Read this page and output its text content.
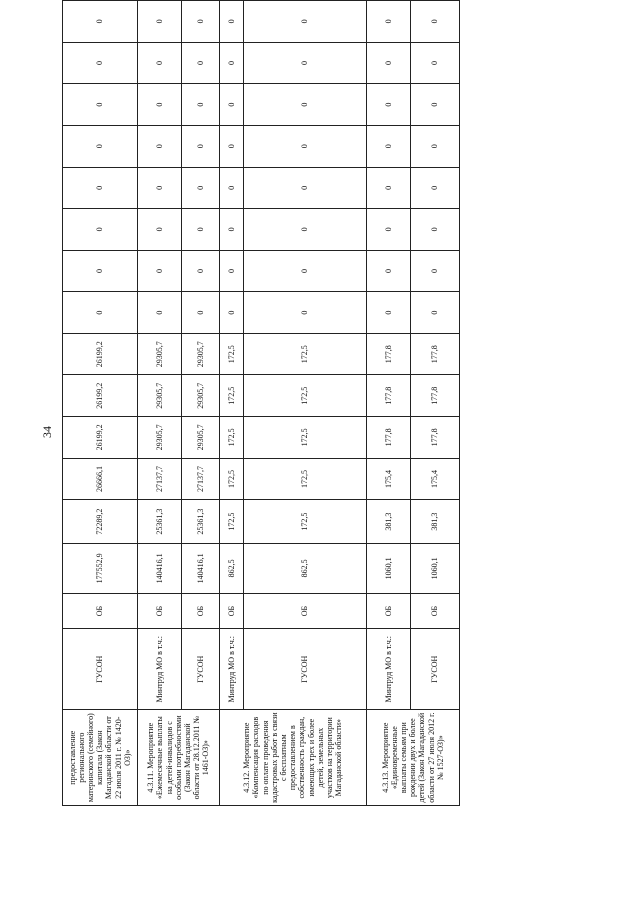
34
предоставление регионального материнского (семейного) капитала (Закон Магаданской области от 22 июля 2011 г. № 1420-ОЗ)»	ГУСОН	ОБ	177552,9	72289,2	26666,1	26199,2	26199,2	26199,2	0	0	0	0	0	0	0	0
4.3.11. Мероприятие «Ежемесячные выплаты на детей-инвалидов с особыми потребностями (Закон Магаданской области от 28.12.2011 № 1461-ОЗ)»	Минтруд МО в т.ч.:	ОБ	140416,1	25361,3	27137,7	29305,7	29305,7	29305,7	0	0	0	0	0	0	0	0
	ГУСОН	ОБ	140416,1	25361,3	27137,7	29305,7	29305,7	29305,7	0	0	0	0	0	0	0	0
4.3.12. Мероприятие «Компенсация расходов по оплате проведения кадастровых работ в связи с бесплатным предоставлением в собственность граждан, имеющих трех и более детей, земельных участков на территории Магаданской области»	Минтруд МО в т.ч.:	ОБ	862,5	172,5	172,5	172,5	172,5	172,5	0	0	0	0	0	0	0	0
	ГУСОН	ОБ	862,5	172,5	172,5	172,5	172,5	172,5	0	0	0	0	0	0	0	0
4.3.13. Мероприятие «Единовременные выплаты семьям при рождении двух и более детей (Закон Магаданской области от 27 июля 2012 г. № 1527-ОЗ)»	Минтруд МО в т.ч.:	ОБ	1060,1	381,3	175,4	177,8	177,8	177,8	0	0	0	0	0	0	0	0
	ГУСОН	ОБ	1060,1	381,3	175,4	177,8	177,8	177,8	0	0	0	0	0	0	0	0
